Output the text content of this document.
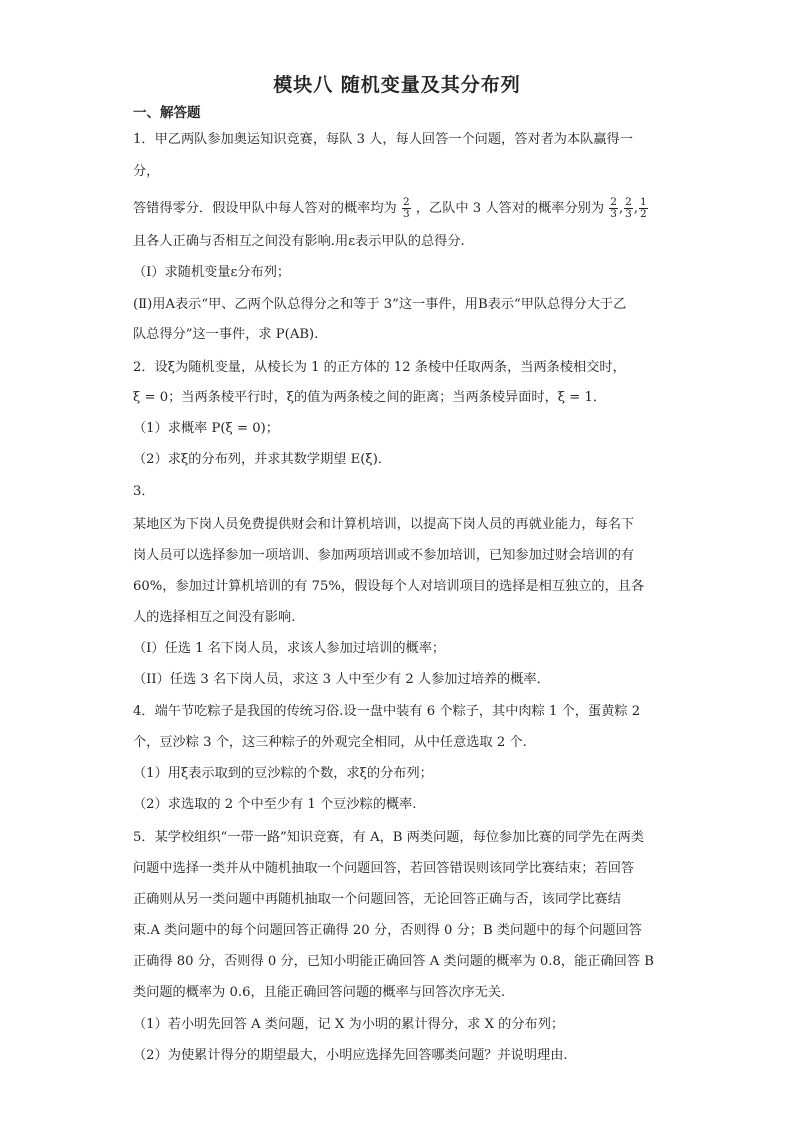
模块八 随机变量及其分布列
一、解答题
1．甲乙两队参加奥运知识竞赛，每队 3 人，每人回答一个问题，答对者为本队赢得一
分，
答错得零分．假设甲队中每人答对的概率均为 $\frac{2}{3}$ ，乙队中 3 人答对的概率分别为 $\frac{2}{3}$ , $\frac{2}{3}$ , $\frac{1}{2}$
且各人正确与否相互之间没有影响.用ε表示甲队的总得分.
（Ⅰ）求随机变量ε分布列；
(Ⅱ)用A表示“甲、乙两个队总得分之和等于 3”这一事件，用B表示“甲队总得分大于乙
队总得分”这一事件，求 P(AB).
2．设ξ为随机变量，从棱长为 1 的正方体的 12 条棱中任取两条，当两条棱相交时，
ξ = 0；当两条棱平行时，ξ的值为两条棱之间的距离；当两条棱异面时，ξ = 1．
（1）求概率 P(ξ = 0)；
（2）求ξ的分布列，并求其数学期望 E(ξ)．
3．
某地区为下岗人员免费提供财会和计算机培训，以提高下岗人员的再就业能力，每名下
岗人员可以选择参加一项培训、参加两项培训或不参加培训，已知参加过财会培训的有
60%，参加过计算机培训的有 75%，假设每个人对培训项目的选择是相互独立的，且各
人的选择相互之间没有影响.
（I）任选 1 名下岗人员，求该人参加过培训的概率；
（II）任选 3 名下岗人员，求这 3 人中至少有 2 人参加过培养的概率．
4．端午节吃粽子是我国的传统习俗.设一盘中装有 6 个粽子，其中肉粽 1 个，蛋黄粽 2
个，豆沙粽 3 个，这三种粽子的外观完全相同，从中任意选取 2 个.
（1）用ξ表示取到的豆沙粽的个数，求ξ的分布列；
（2）求选取的 2 个中至少有 1 个豆沙粽的概率.
5．某学校组织“一带一路”知识竞赛，有 A，B 两类问题，每位参加比赛的同学先在两类
问题中选择一类并从中随机抽取一个问题回答，若回答错误则该同学比赛结束；若回答
正确则从另一类问题中再随机抽取一个问题回答，无论回答正确与否，该同学比赛结
束.A 类问题中的每个问题回答正确得 20 分，否则得 0 分；B 类问题中的每个问题回答
正确得 80 分，否则得 0 分，已知小明能正确回答 A 类问题的概率为 0.8，能正确回答 B
类问题的概率为 0.6，且能正确回答问题的概率与回答次序无关.
（1）若小明先回答 A 类问题，记 X 为小明的累计得分，求 X 的分布列；
（2）为使累计得分的期望最大，小明应选择先回答哪类问题？并说明理由.
